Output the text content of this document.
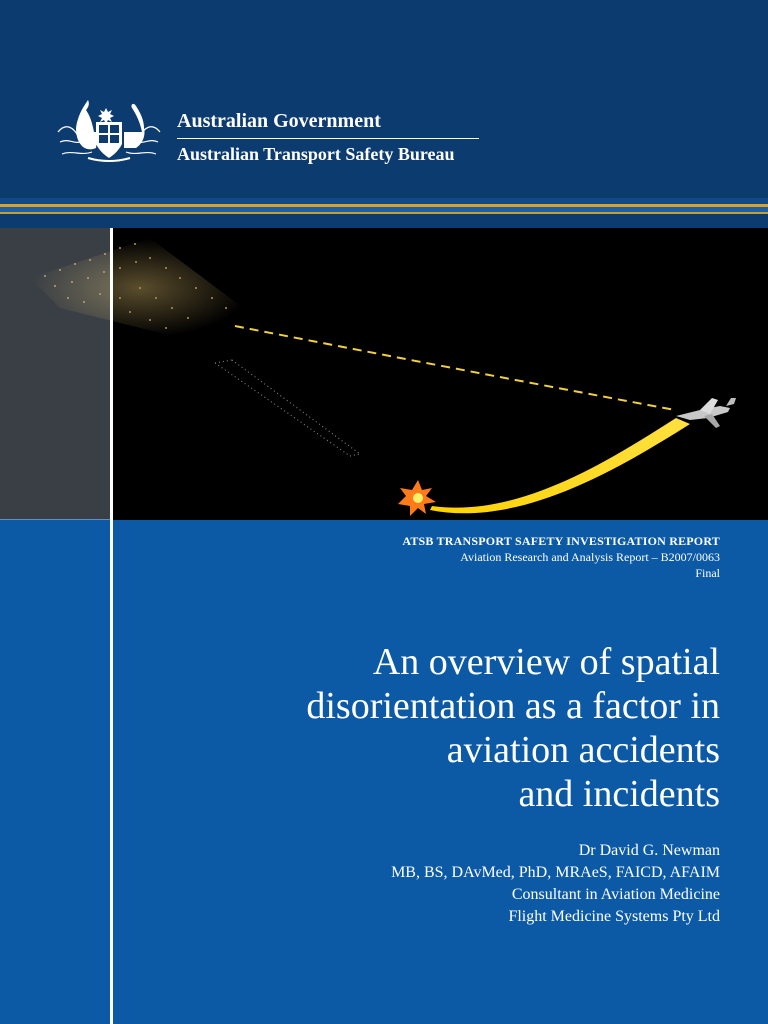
Australian Government
Australian Transport Safety Bureau
ATSB TRANSPORT SAFETY INVESTIGATION REPORT
Aviation Research and Analysis Report – B2007/0063
Final
An overview of spatial
disorientation as a factor in
aviation accidents
and incidents
Dr David G. Newman
MB, BS, DAvMed, PhD, MRAeS, FAICD, AFAIM
Consultant in Aviation Medicine
Flight Medicine Systems Pty Ltd
